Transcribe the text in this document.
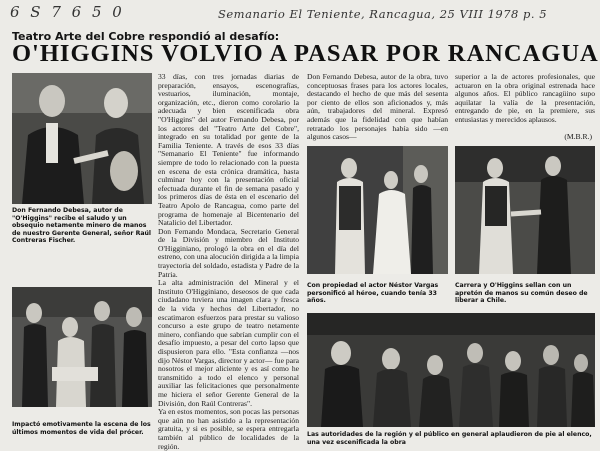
6 S 7 6 5 0	Semanario El Teniente, Rancagua, 25 VIII 1978 p. 5
Teatro Arte del Cobre respondió al desafío:
O'HIGGINS VOLVIO A PASAR POR RANCAGUA
Don Fernando Debesa, autor de "O'Higgins" recibe el saludo y un obsequio netamente minero de manos de nuestro Gerente General, señor Raúl Contreras Fischer.
Impactó emotivamente la escena de los últimos momentos de vida del prócer.

33 días, con tres jornadas diarias de preparación, ensayos, escenografías, vestuarios, iluminación, montaje, organización, etc., dieron como corolario la adecuada y bien escenificada obra "O'Higgins" del autor Fernando Debesa, por los actores del "Teatro Arte del Cobre", integrado en su totalidad por gente de la Familia Teniente. A través de esos 33 días "Semanario El Teniente" fue informando siempre de todo lo relacionado con la puesta en escena de esta crónica dramática, hasta culminar hoy con la presentación oficial efectuada durante el fin de semana pasado y los primeros días de ésta en el escenario del Teatro Apolo de Rancagua, como parte del programa de homenaje al Bicentenario del Natalicio del Libertador.

Don Fernando Mondaca, Secretario General de la División y miembro del Instituto O'Higginiano, prologó la obra en el día del estreno, con una alocución dirigida a la limpia trayectoria del soldado, estadista y Padre de la Patria.

La alta administración del Mineral y el Instituto O'Higginiano, deseosos de que cada ciudadano tuviera una imagen clara y fresca de la vida y hechos del Libertador, no escatimaron esfuerzos para prestar su valioso concurso a este grupo de teatro netamente minero, confiando que sabrían cumplir con el desafío impuesto, a pesar del corto lapso que dispusieron para ello. "Esta confianza —nos dijo Néstor Vargas, director y actor— fue para nosotros el mejor aliciente y es así como he transmitido a todo el elenco y personal auxiliar las felicitaciones que personalmente me hiciera el señor Gerente General de la División, don Raúl Contreras".

Ya en estos momentos, son pocas las personas que aún no han asistido a la representación gratuita, y si es posible, se espera entregarla también al público de localidades de la región.

Don Fernando Debesa, autor de la obra, tuvo conceptuosas frases para los actores locales, destacando el hecho de que más del sesenta por ciento de ellos son aficionados y, más aún, trabajadores del mineral. Expresó además que la fidelidad con que habían retratado los personajes había sido —en algunos casos—

superior a la de actores profesionales, que actuaron en la obra original estrenada hace algunos años. El público rancagüino supo aquilatar la valía de la presentación, entregando de pie, en la premiere, sus entusiastas y merecidos aplausos.

(M.B.R.)
Con propiedad el actor Néstor Vargas personificó al héroe, cuando tenía 33 años.
Carrera y O'Higgins sellan con un apretón de manos su común deseo de liberar a Chile.
Las autoridades de la región y el público en general aplaudieron de pie al elenco, una vez escenificada la obra
